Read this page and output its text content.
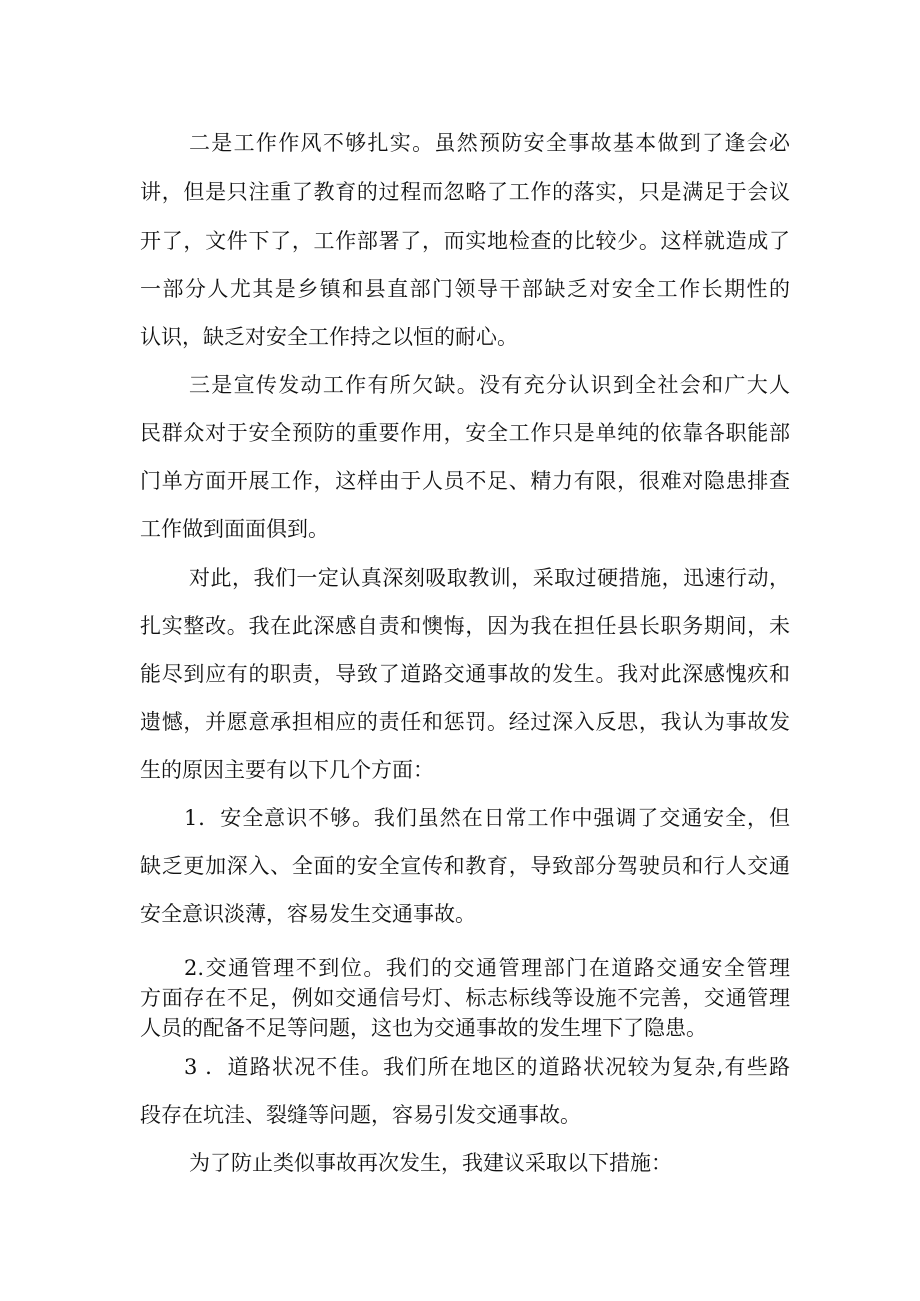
二是工作作风不够扎实。虽然预防安全事故基本做到了逢会必
讲，但是只注重了教育的过程而忽略了工作的落实，只是满足于会议
开了，文件下了，工作部署了，而实地检查的比较少。这样就造成了
一部分人尤其是乡镇和县直部门领导干部缺乏对安全工作长期性的
认识，缺乏对安全工作持之以恒的耐心。
三是宣传发动工作有所欠缺。没有充分认识到全社会和广大人
民群众对于安全预防的重要作用，安全工作只是单纯的依靠各职能部
门单方面开展工作，这样由于人员不足、精力有限，很难对隐患排查
工作做到面面俱到。
对此，我们一定认真深刻吸取教训，采取过硬措施，迅速行动，
扎实整改。我在此深感自责和懊悔，因为我在担任县长职务期间，未
能尽到应有的职责，导致了道路交通事故的发生。我对此深感愧疚和
遗憾，并愿意承担相应的责任和惩罚。经过深入反思，我认为事故发
生的原因主要有以下几个方面：
1．安全意识不够。我们虽然在日常工作中强调了交通安全，但
缺乏更加深入、全面的安全宣传和教育，导致部分驾驶员和行人交通
安全意识淡薄，容易发生交通事故。
2.交通管理不到位。我们的交通管理部门在道路交通安全管理
方面存在不足，例如交通信号灯、标志标线等设施不完善，交通管理
人员的配备不足等问题，这也为交通事故的发生埋下了隐患。
3 ．道路状况不佳。我们所在地区的道路状况较为复杂,有些路
段存在坑洼、裂缝等问题，容易引发交通事故。
为了防止类似事故再次发生，我建议采取以下措施：
